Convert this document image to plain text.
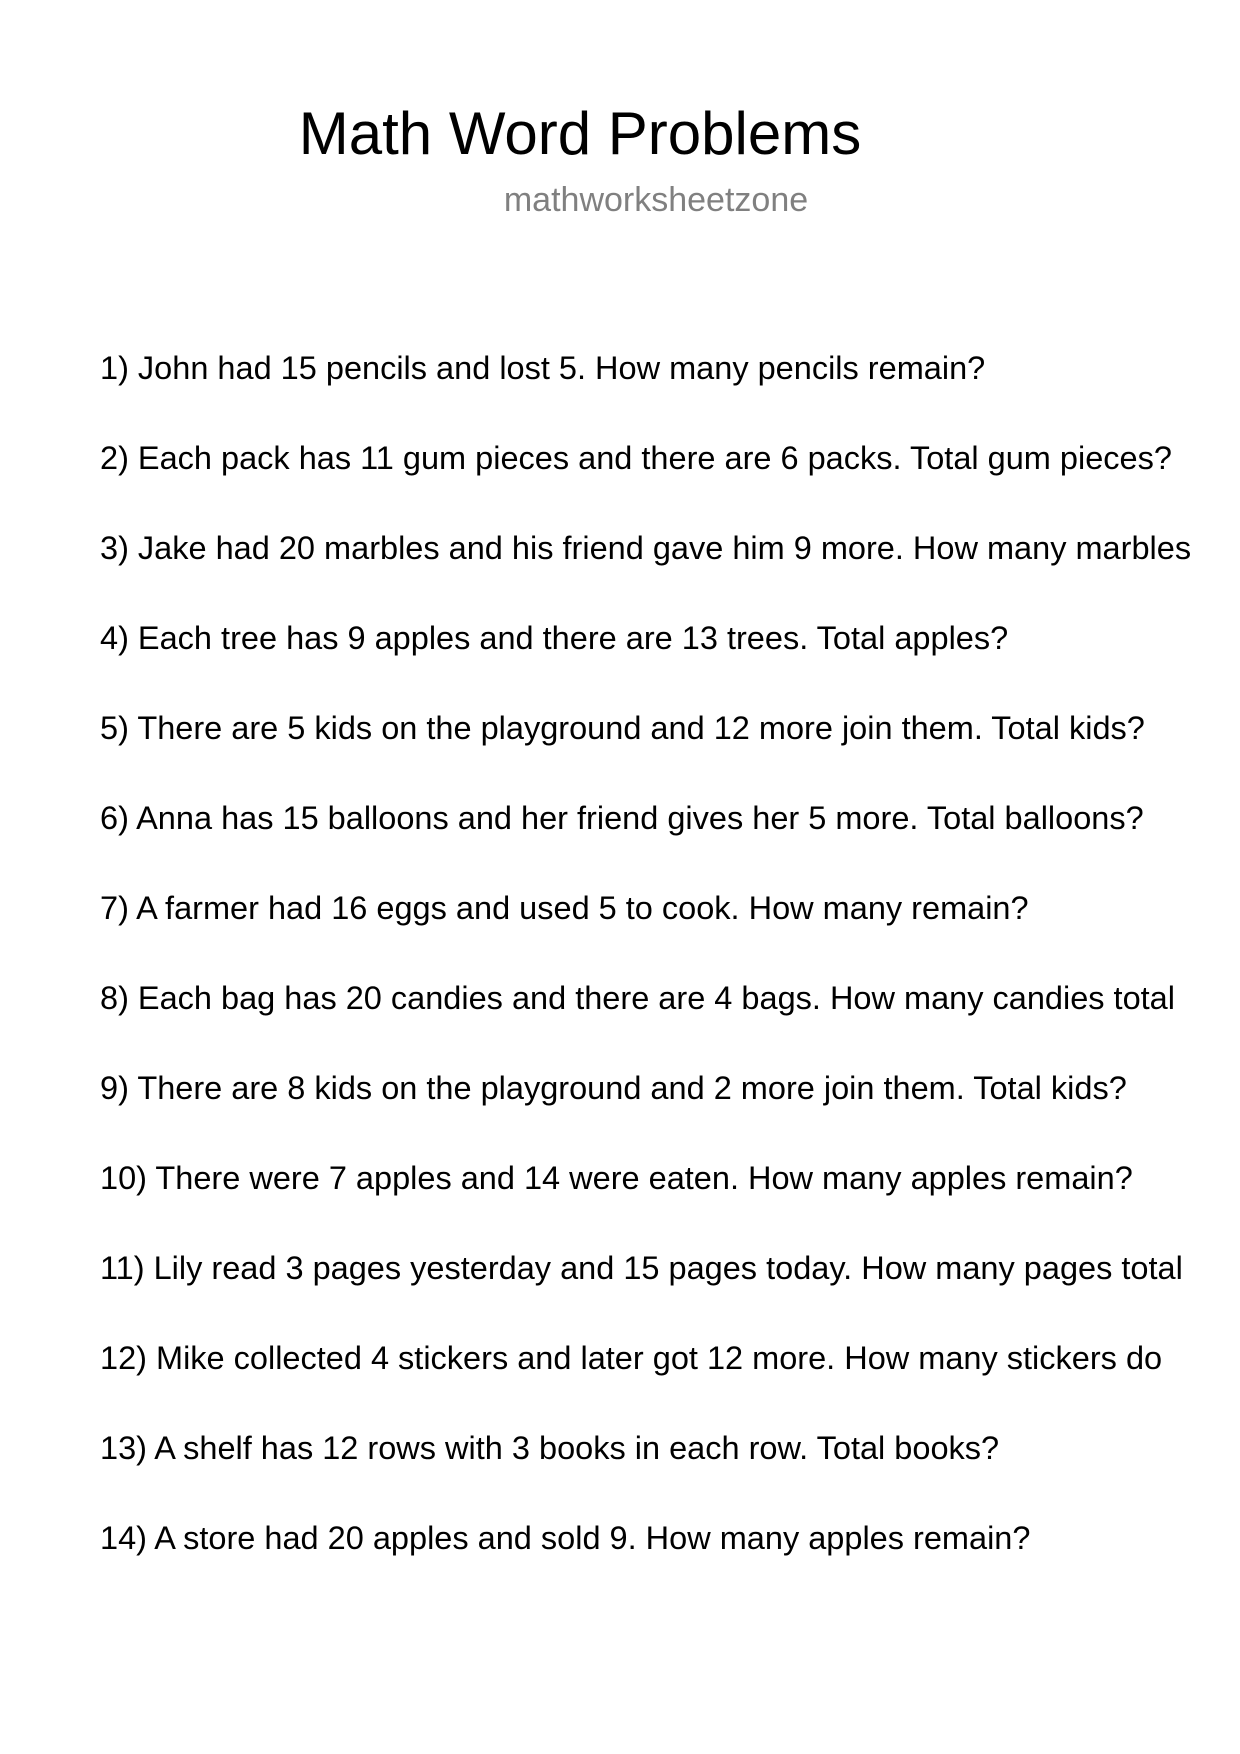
Math Word Problems
mathworksheetzone
1) John had 15 pencils and lost 5. How many pencils remain?
2) Each pack has 11 gum pieces and there are 6 packs. Total gum pieces?
3) Jake had 20 marbles and his friend gave him 9 more. How many marbles
4) Each tree has 9 apples and there are 13 trees. Total apples?
5) There are 5 kids on the playground and 12 more join them. Total kids?
6) Anna has 15 balloons and her friend gives her 5 more. Total balloons?
7) A farmer had 16 eggs and used 5 to cook. How many remain?
8) Each bag has 20 candies and there are 4 bags. How many candies total
9) There are 8 kids on the playground and 2 more join them. Total kids?
10) There were 7 apples and 14 were eaten. How many apples remain?
11) Lily read 3 pages yesterday and 15 pages today. How many pages total
12) Mike collected 4 stickers and later got 12 more. How many stickers do
13) A shelf has 12 rows with 3 books in each row. Total books?
14) A store had 20 apples and sold 9. How many apples remain?
